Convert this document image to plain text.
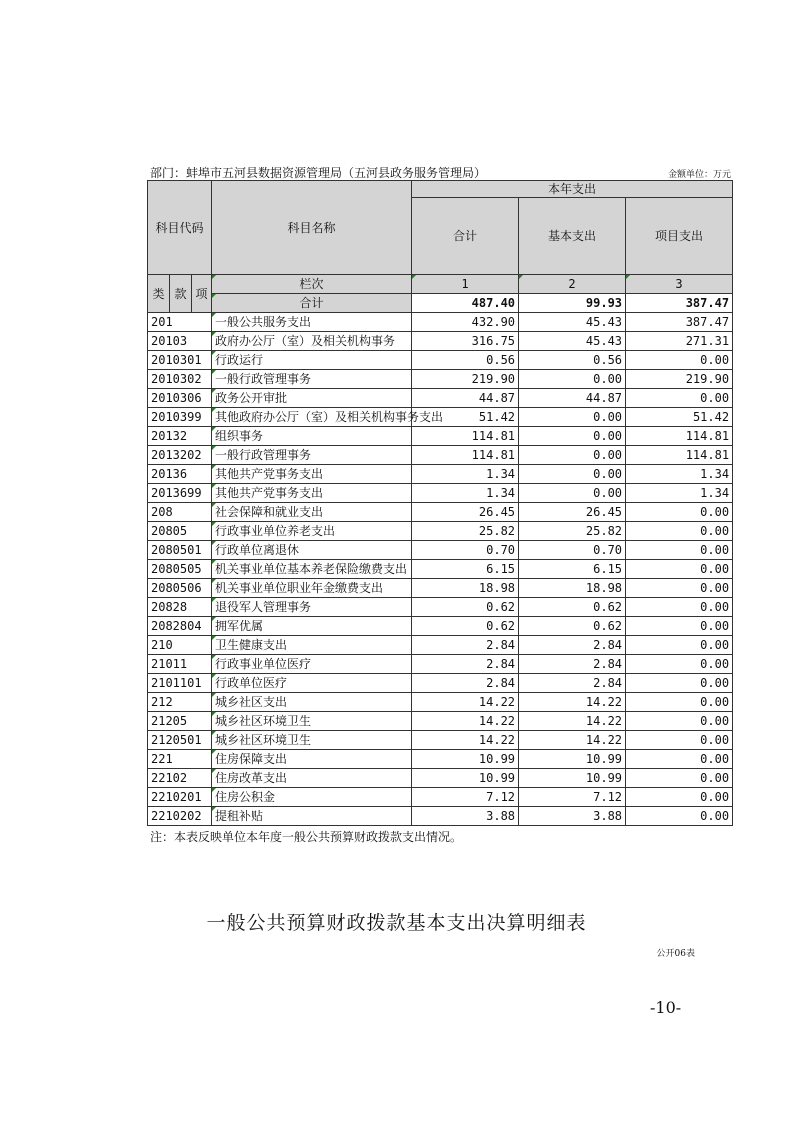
部门：蚌埠市五河县数据资源管理局（五河县政务服务管理局）	金额单位：万元
科目代码			科目名称	本年支出		
				合计	基本支出	项目支出
类	款	项	栏次	1	2	3
			合计	487.40	99.93	387.47
201			一般公共服务支出	432.90	45.43	387.47
20103			政府办公厅（室）及相关机构事务	316.75	45.43	271.31
2010301			行政运行	0.56	0.56	0.00
2010302			一般行政管理事务	219.90	0.00	219.90
2010306			政务公开审批	44.87	44.87	0.00
2010399			其他政府办公厅（室）及相关机构事务支出	51.42	0.00	51.42
20132			组织事务	114.81	0.00	114.81
2013202			一般行政管理事务	114.81	0.00	114.81
20136			其他共产党事务支出	1.34	0.00	1.34
2013699			其他共产党事务支出	1.34	0.00	1.34
208			社会保障和就业支出	26.45	26.45	0.00
20805			行政事业单位养老支出	25.82	25.82	0.00
2080501			行政单位离退休	0.70	0.70	0.00
2080505			机关事业单位基本养老保险缴费支出	6.15	6.15	0.00
2080506			机关事业单位职业年金缴费支出	18.98	18.98	0.00
20828			退役军人管理事务	0.62	0.62	0.00
2082804			拥军优属	0.62	0.62	0.00
210			卫生健康支出	2.84	2.84	0.00
21011			行政事业单位医疗	2.84	2.84	0.00
2101101			行政单位医疗	2.84	2.84	0.00
212			城乡社区支出	14.22	14.22	0.00
21205			城乡社区环境卫生	14.22	14.22	0.00
2120501			城乡社区环境卫生	14.22	14.22	0.00
221			住房保障支出	10.99	10.99	0.00
22102			住房改革支出	10.99	10.99	0.00
2210201			住房公积金	7.12	7.12	0.00
2210202			提租补贴	3.88	3.88	0.00
注：本表反映单位本年度一般公共预算财政拨款支出情况。
一般公共预算财政拨款基本支出决算明细表
公开06表
-10-
